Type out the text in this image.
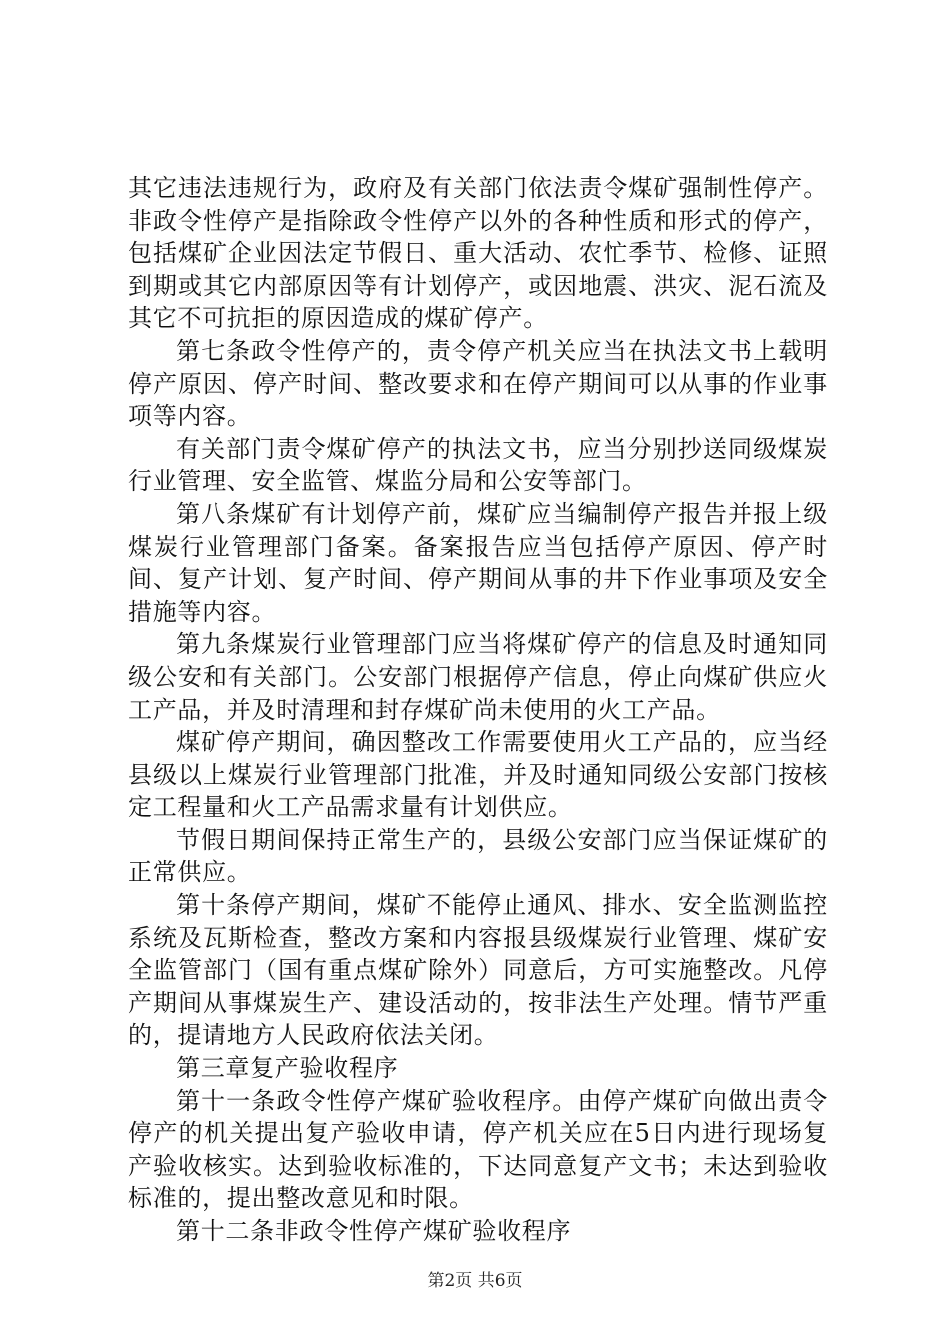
其它违法违规行为，政府及有关部门依法责令煤矿强制性停产。非政令性停产是指除政令性停产以外的各种性质和形式的停产，包括煤矿企业因法定节假日、重大活动、农忙季节、检修、证照到期或其它内部原因等有计划停产，或因地震、洪灾、泥石流及其它不可抗拒的原因造成的煤矿停产。

第七条政令性停产的，责令停产机关应当在执法文书上载明停产原因、停产时间、整改要求和在停产期间可以从事的作业事项等内容。

有关部门责令煤矿停产的执法文书，应当分别抄送同级煤炭行业管理、安全监管、煤监分局和公安等部门。

第八条煤矿有计划停产前，煤矿应当编制停产报告并报上级煤炭行业管理部门备案。备案报告应当包括停产原因、停产时间、复产计划、复产时间、停产期间从事的井下作业事项及安全措施等内容。

第九条煤炭行业管理部门应当将煤矿停产的信息及时通知同级公安和有关部门。公安部门根据停产信息，停止向煤矿供应火工产品，并及时清理和封存煤矿尚未使用的火工产品。

煤矿停产期间，确因整改工作需要使用火工产品的，应当经县级以上煤炭行业管理部门批准，并及时通知同级公安部门按核定工程量和火工产品需求量有计划供应。

节假日期间保持正常生产的，县级公安部门应当保证煤矿的正常供应。

第十条停产期间，煤矿不能停止通风、排水、安全监测监控系统及瓦斯检查，整改方案和内容报县级煤炭行业管理、煤矿安全监管部门（国有重点煤矿除外）同意后，方可实施整改。凡停产期间从事煤炭生产、建设活动的，按非法生产处理。情节严重的，提请地方人民政府依法关闭。

第三章复产验收程序

第十一条政令性停产煤矿验收程序。由停产煤矿向做出责令停产的机关提出复产验收申请，停产机关应在5日内进行现场复产验收核实。达到验收标准的，下达同意复产文书；未达到验收标准的，提出整改意见和时限。

第十二条非政令性停产煤矿验收程序

第2页 共6页
